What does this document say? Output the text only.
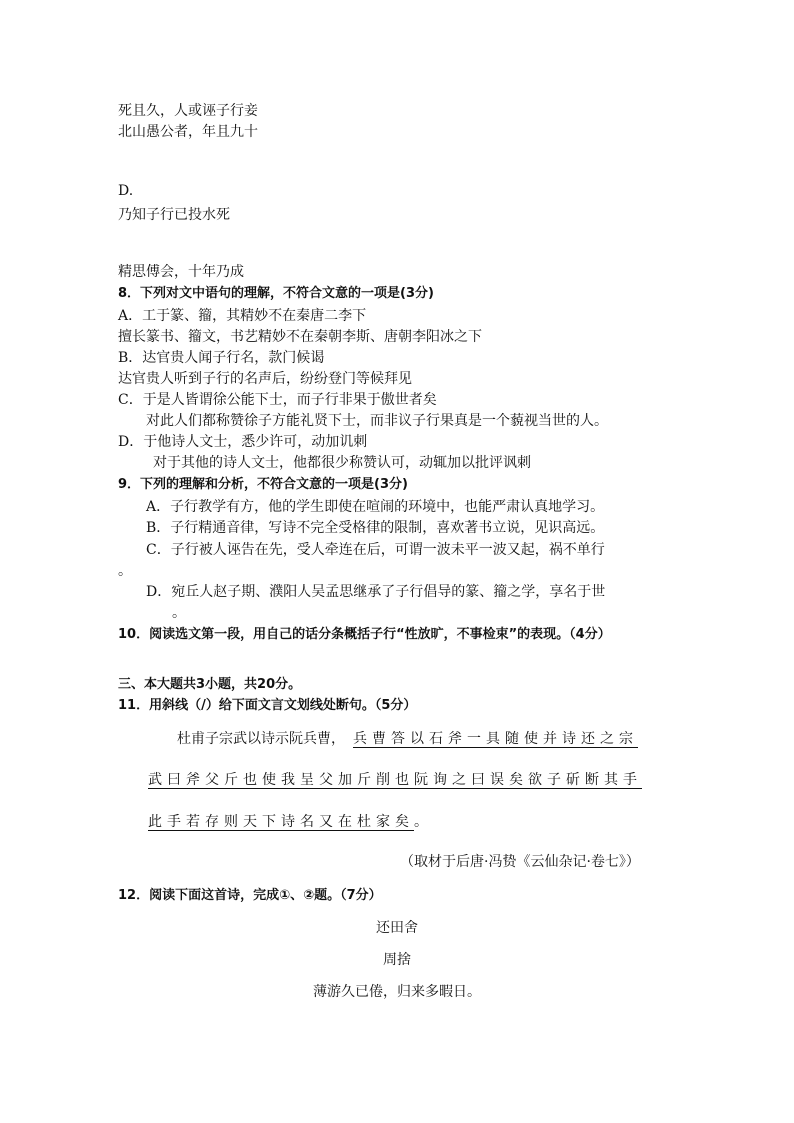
死且久，人或诬子行妾
北山愚公者，年且九十
D.
乃知子行已投水死
精思傅会，十年乃成
8．下列对文中语句的理解，不符合文意的一项是(3分)
A．工于篆、籀，其精妙不在秦唐二李下
擅长篆书、籀文，书艺精妙不在秦朝李斯、唐朝李阳冰之下
B．达官贵人闻子行名，款门候谒
达官贵人听到子行的名声后，纷纷登门等候拜见
C．于是人皆谓徐公能下士，而子行非果于傲世者矣
对此人们都称赞徐子方能礼贤下士，而非议子行果真是一个藐视当世的人。
D．于他诗人文士，悉少许可，动加讥刺
对于其他的诗人文士，他都很少称赞认可，动辄加以批评讽刺
9．下列的理解和分析，不符合文意的一项是(3分)
A．子行教学有方，他的学生即使在喧闹的环境中，也能严肃认真地学习。
B．子行精通音律，写诗不完全受格律的限制，喜欢著书立说，见识高远。
C．子行被人诬告在先，受人牵连在后，可谓一波未平一波又起，祸不单行
。
D．宛丘人赵子期、濮阳人吴孟思继承了子行倡导的篆、籀之学，享名于世
。
10．阅读选文第一段，用自己的话分条概括子行“性放旷，不事检束”的表现。（4分）
三、本大题共3小题，共20分。
11．用斜线（/）给下面文言文划线处断句。（5分）
杜甫子宗武以诗示阮兵曹， 兵曹答以石斧一具随使并诗还之宗
武曰斧父斤也使我呈父加斤削也阮询之曰误矣欲子斫断其手
此手若存则天下诗名又在杜家矣。
（取材于后唐·冯贽《云仙杂记·卷七》）
12．阅读下面这首诗，完成①、②题。（7分）
还田舍
周捨
薄游久已倦，归来多暇日。
